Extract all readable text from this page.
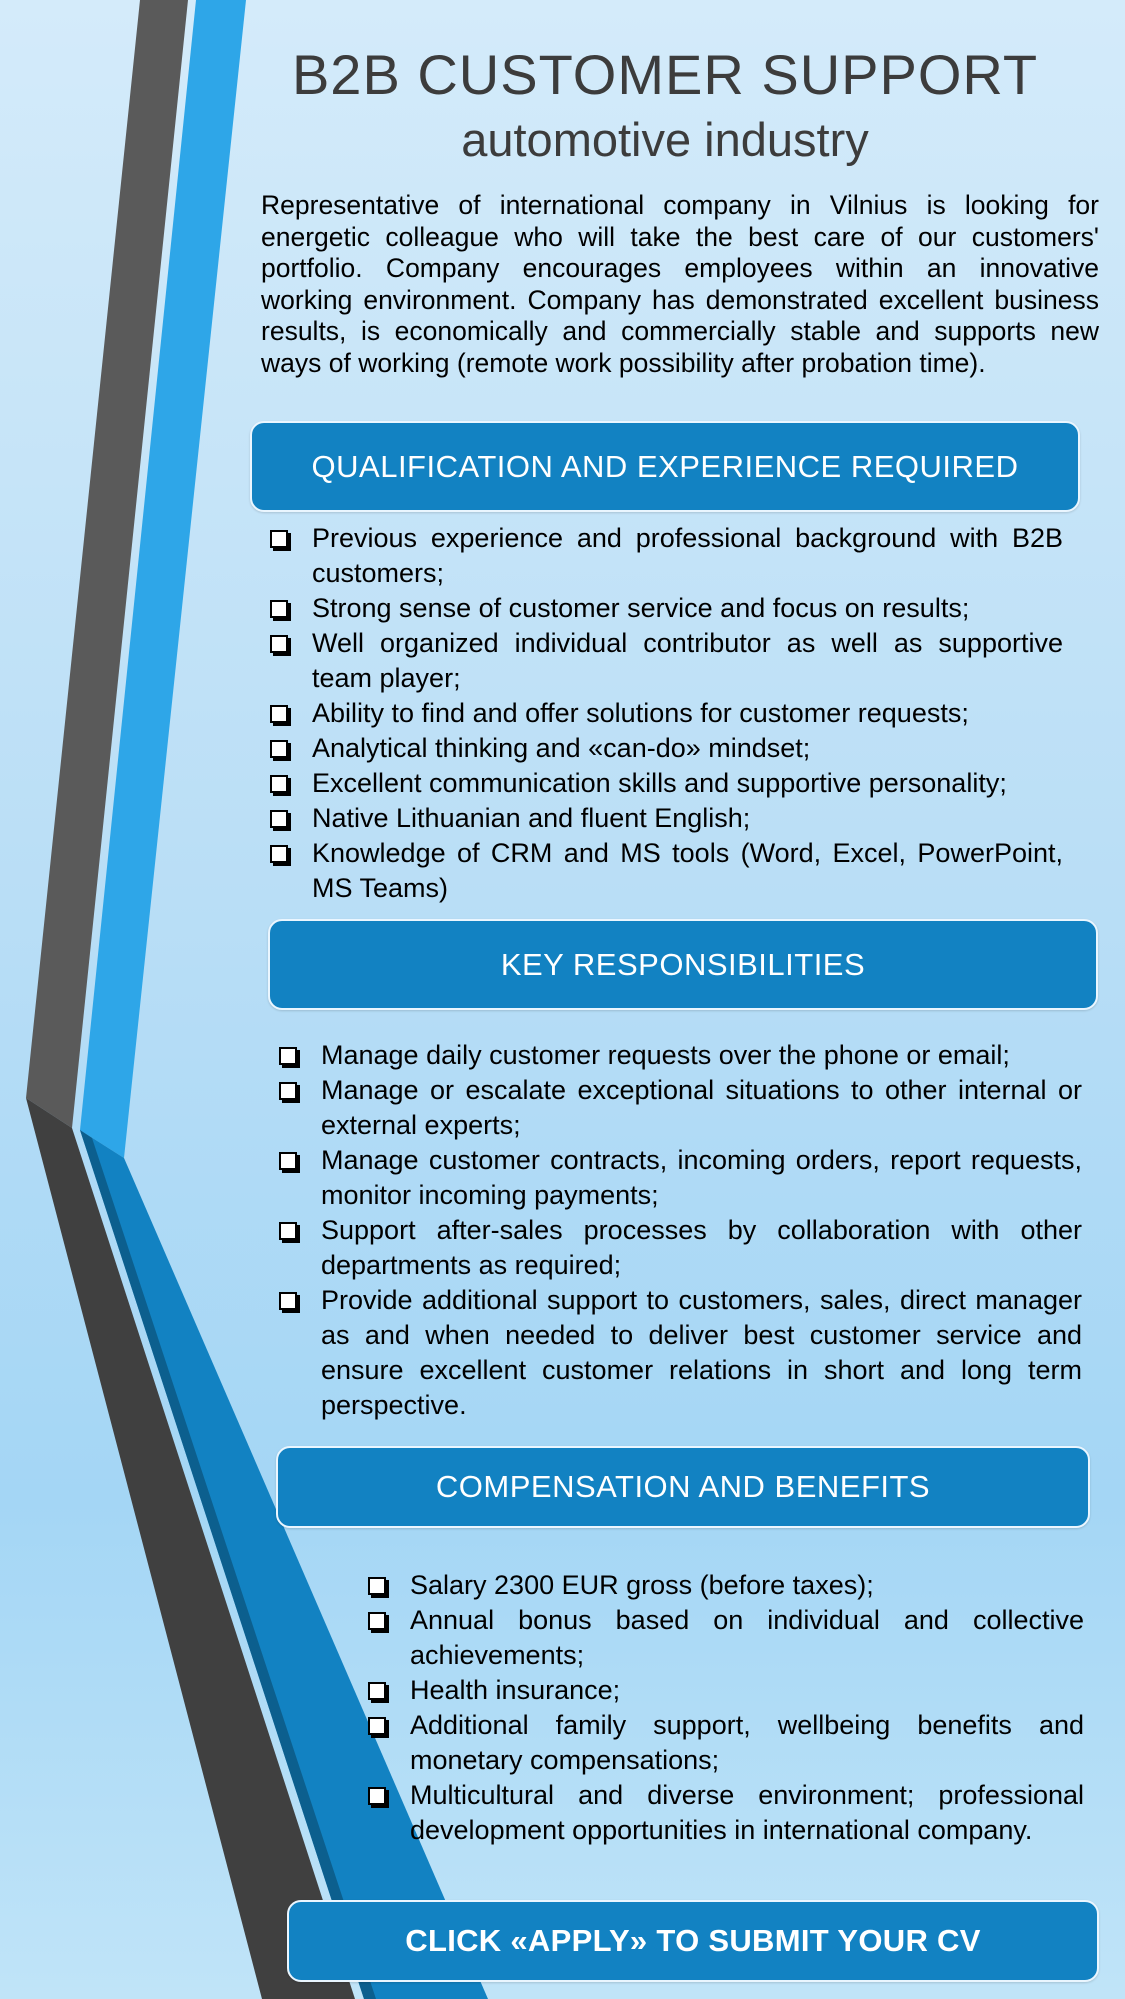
B2B CUSTOMER SUPPORT
automotive industry

Representative of international company in Vilnius is looking for energetic colleague who will take the best care of our customers' portfolio. Company encourages employees within an innovative working environment. Company has demonstrated excellent business results, is economically and commercially stable and supports new ways of working (remote work possibility after probation time).

QUALIFICATION AND EXPERIENCE REQUIRED
Previous experience and professional background with B2B customers;
Strong sense of customer service and focus on results;
Well organized individual contributor as well as supportive team player;
Ability to find and offer solutions for customer requests;
Analytical thinking and «can-do» mindset;
Excellent communication skills and supportive personality;
Native Lithuanian and fluent English;
Knowledge of CRM and MS tools (Word, Excel, PowerPoint, MS Teams)
KEY RESPONSIBILITIES
Manage daily customer requests over the phone or email;
Manage or escalate exceptional situations to other internal or external experts;
Manage customer contracts, incoming orders, report requests, monitor incoming payments;
Support after-sales processes by collaboration with other departments as required;
Provide additional support to customers, sales, direct manager as and when needed to deliver best customer service and ensure excellent customer relations in short and long term perspective.
COMPENSATION AND BENEFITS
Salary 2300 EUR gross (before taxes);
Annual bonus based on individual and collective achievements;
Health insurance;
Additional family support, wellbeing benefits and monetary compensations;
Multicultural and diverse environment; professional development opportunities in international company.
CLICK «APPLY» TO SUBMIT YOUR CV
